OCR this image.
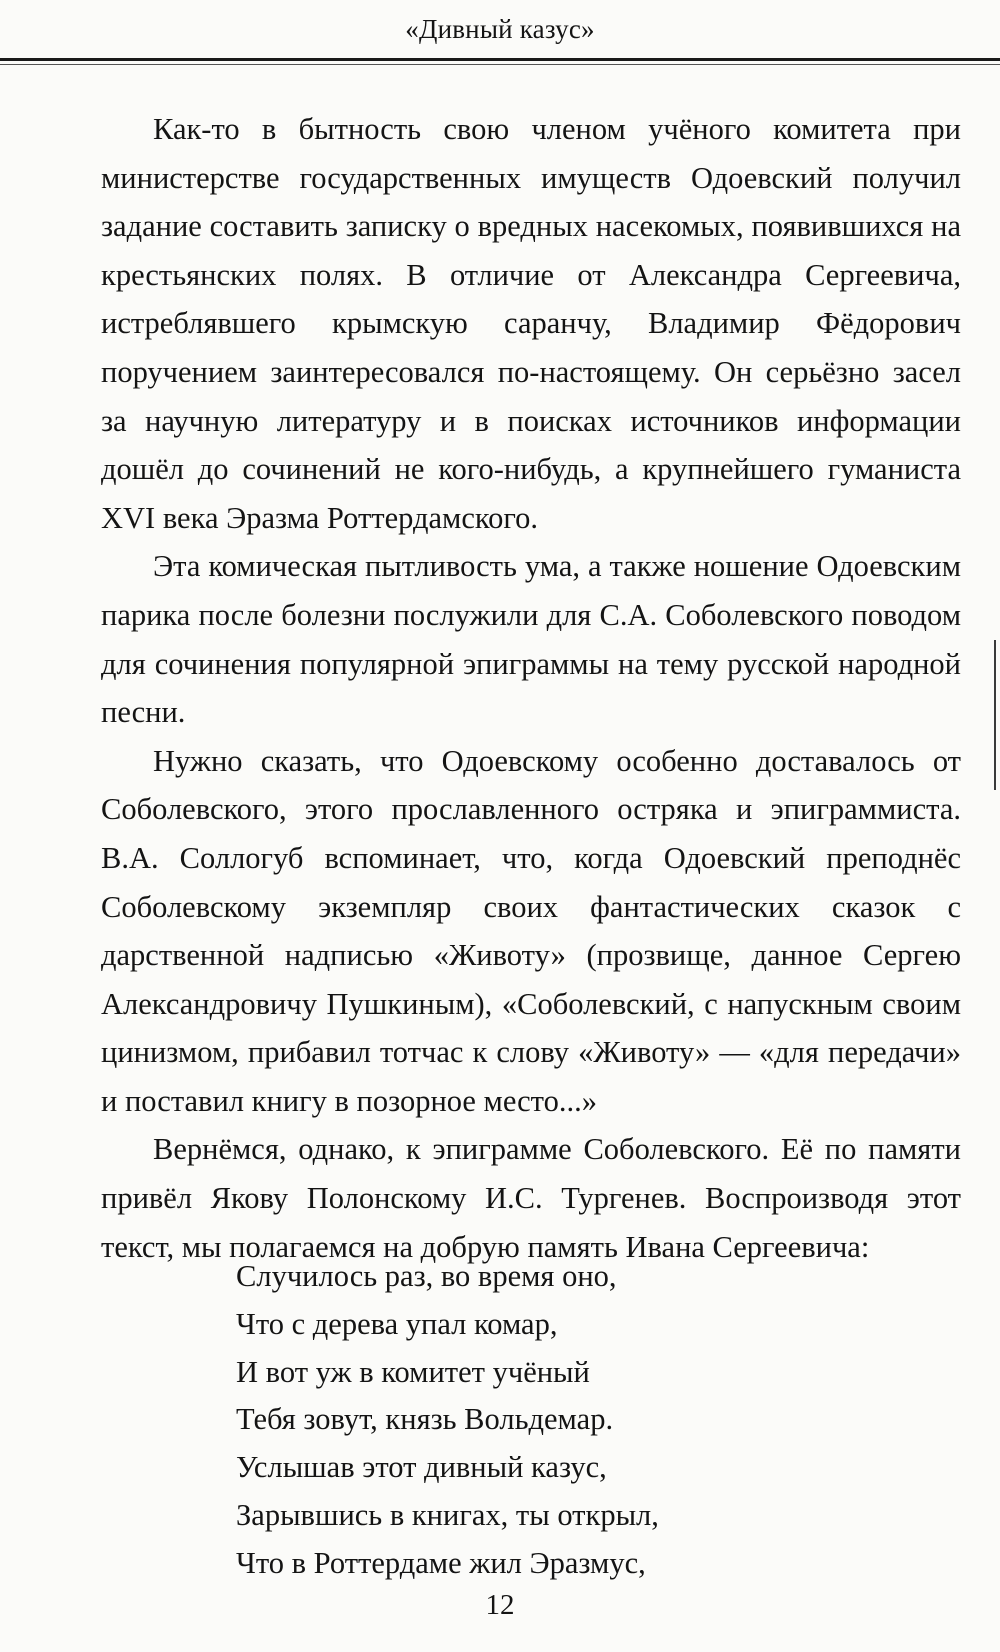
«Дивный казус»

Как-то в бытность свою членом учёного комитета при министерстве государственных имуществ Одоевский получил задание составить записку о вредных насекомых, появившихся на крестьянских полях. В отличие от Александра Сергеевича, истреблявшего крымскую саранчу, Владимир Фёдорович поручением заинтересовался по-настоящему. Он серьёзно засел за научную литературу и в поисках источников информации дошёл до сочинений не кого-нибудь, а крупнейшего гуманиста XVI века Эразма Роттердамского.

Эта комическая пытливость ума, а также ношение Одоевским парика после болезни послужили для С.А. Соболевского поводом для сочинения популярной эпиграммы на тему русской народной песни.

Нужно сказать, что Одоевскому особенно доставалось от Соболевского, этого прославленного остряка и эпиграммиста. В.А. Соллогуб вспоминает, что, когда Одоевский преподнёс Соболевскому экземпляр своих фантастических сказок с дарственной надписью «Животу» (прозвище, данное Сергею Александровичу Пушкиным), «Соболевский, с напускным своим цинизмом, прибавил тотчас к слову «Животу» — «для передачи» и поставил книгу в позорное место...»

Вернёмся, однако, к эпиграмме Соболевского. Её по памяти привёл Якову Полонскому И.С. Тургенев. Воспроизводя этот текст, мы полагаемся на добрую память Ивана Сергеевича:

Случилось раз, во время оно,
Что с дерева упал комар,
И вот уж в комитет учёный
Тебя зовут, князь Вольдемар.
Услышав этот дивный казус,
Зарывшись в книгах, ты открыл,
Что в Роттердаме жил Эразмус,
12
